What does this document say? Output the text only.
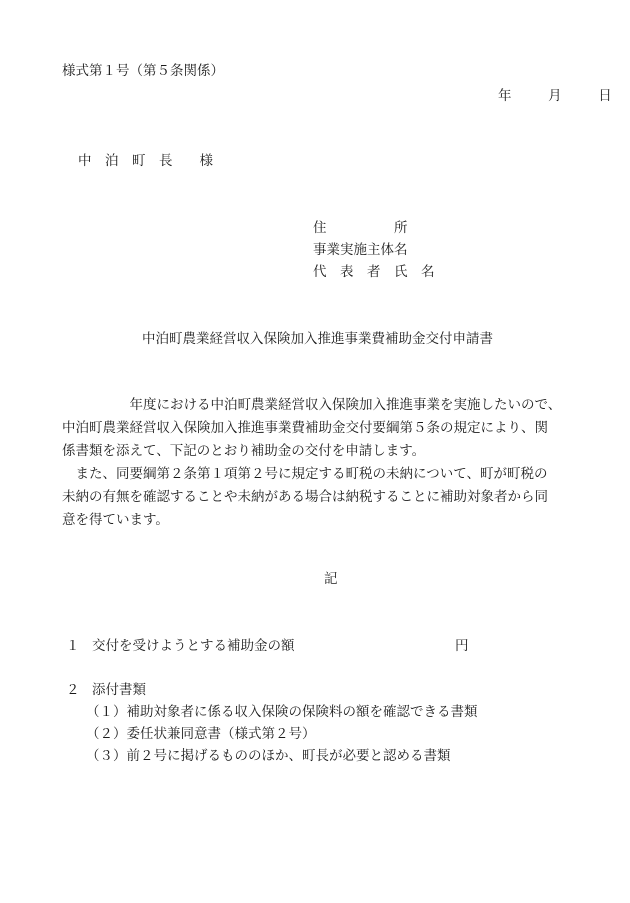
様式第１号（第５条関係）
年	月	日
中　泊　町　長　　様
住　　　　　所
事業実施主体名
代　表　者　氏　名
中泊町農業経営収入保険加入推進事業費補助金交付申請書

　　　　　年度における中泊町農業経営収入保険加入推進事業を実施したいので、

中泊町農業経営収入保険加入推進事業費補助金交付要綱第５条の規定により、関

係書類を添えて、下記のとおり補助金の交付を申請します。

　また、同要綱第２条第１項第２号に規定する町税の未納について、町が町税の

未納の有無を確認することや未納がある場合は納税することに補助対象者から同

意を得ています。

記
１ 交付を受けようとする補助金の額	円
２ 添付書類
（１）補助対象者に係る収入保険の保険料の額を確認できる書類
（２）委任状兼同意書（様式第２号）
（３）前２号に掲げるもののほか、町長が必要と認める書類
